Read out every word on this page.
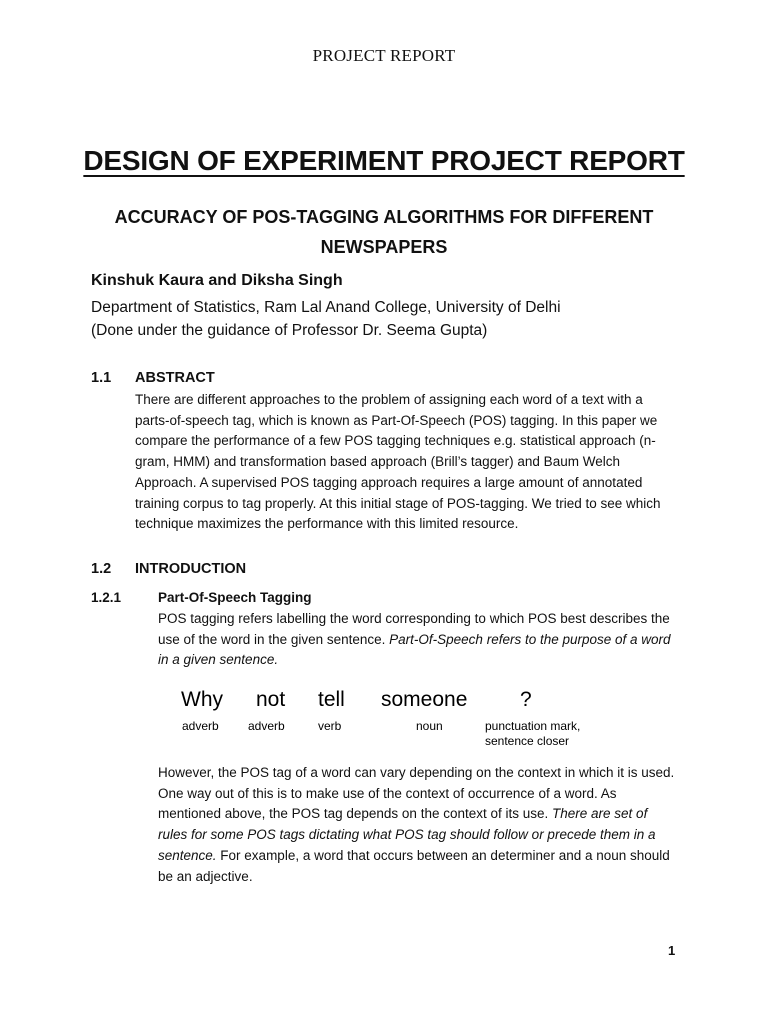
PROJECT REPORT
DESIGN OF EXPERIMENT PROJECT REPORT
ACCURACY OF POS-TAGGING ALGORITHMS FOR DIFFERENT NEWSPAPERS
Kinshuk Kaura and Diksha Singh
Department of Statistics, Ram Lal Anand College, University of Delhi
(Done under the guidance of Professor Dr. Seema Gupta)
1.1 ABSTRACT

There are different approaches to the problem of assigning each word of a text with a parts-of-speech tag, which is known as Part-Of-Speech (POS) tagging. In this paper we compare the performance of a few POS tagging techniques e.g. statistical approach (n-gram, HMM) and transformation based approach (Brill’s tagger) and Baum Welch Approach. A supervised POS tagging approach requires a large amount of annotated training corpus to tag properly. At this initial stage of POS-tagging. We tried to see which technique maximizes the performance with this limited resource.

1.2 INTRODUCTION
1.2.1	Part-Of-Speech Tagging

POS tagging refers labelling the word corresponding to which POS best describes the use of the word in the given sentence. Part-Of-Speech refers to the purpose of a word in a given sentence.

Why not tell someone	?
adverb adverb	verb	noun	punctuation mark,
sentence closer

However, the POS tag of a word can vary depending on the context in which it is used. One way out of this is to make use of the context of occurrence of a word. As mentioned above, the POS tag depends on the context of its use. There are set of rules for some POS tags dictating what POS tag should follow or precede them in a sentence. For example, a word that occurs between an determiner and a noun should be an adjective.

1
